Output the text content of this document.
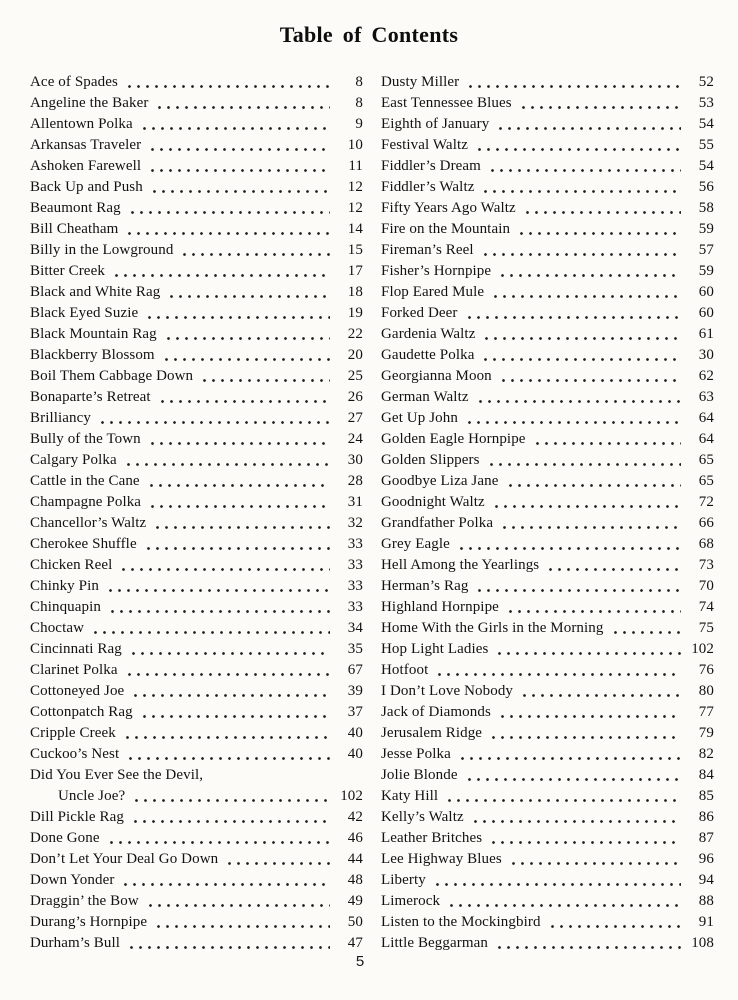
Table of Contents
Ace of Spades	8
Angeline the Baker	8
Allentown Polka	9
Arkansas Traveler	10
Ashoken Farewell	11
Back Up and Push	12
Beaumont Rag	12
Bill Cheatham	14
Billy in the Lowground	15
Bitter Creek	17
Black and White Rag	18
Black Eyed Suzie	19
Black Mountain Rag	22
Blackberry Blossom	20
Boil Them Cabbage Down	25
Bonaparte’s Retreat	26
Brilliancy	27
Bully of the Town	24
Calgary Polka	30
Cattle in the Cane	28
Champagne Polka	31
Chancellor’s Waltz	32
Cherokee Shuffle	33
Chicken Reel	33
Chinky Pin	33
Chinquapin	33
Choctaw	34
Cincinnati Rag	35
Clarinet Polka	67
Cottoneyed Joe	39
Cottonpatch Rag	37
Cripple Creek	40
Cuckoo’s Nest	40
Did You Ever See the Devil,
Uncle Joe?	102
Dill Pickle Rag	42
Done Gone	46
Don’t Let Your Deal Go Down	44
Down Yonder	48
Draggin’ the Bow	49
Durang’s Hornpipe	50
Durham’s Bull	47
Dusty Miller	52
East Tennessee Blues	53
Eighth of January	54
Festival Waltz	55
Fiddler’s Dream	54
Fiddler’s Waltz	56
Fifty Years Ago Waltz	58
Fire on the Mountain	59
Fireman’s Reel	57
Fisher’s Hornpipe	59
Flop Eared Mule	60
Forked Deer	60
Gardenia Waltz	61
Gaudette Polka	30
Georgianna Moon	62
German Waltz	63
Get Up John	64
Golden Eagle Hornpipe	64
Golden Slippers	65
Goodbye Liza Jane	65
Goodnight Waltz	72
Grandfather Polka	66
Grey Eagle	68
Hell Among the Yearlings	73
Herman’s Rag	70
Highland Hornpipe	74
Home With the Girls in the Morning	75
Hop Light Ladies	102
Hotfoot	76
I Don’t Love Nobody	80
Jack of Diamonds	77
Jerusalem Ridge	79
Jesse Polka	82
Jolie Blonde	84
Katy Hill	85
Kelly’s Waltz	86
Leather Britches	87
Lee Highway Blues	96
Liberty	94
Limerock	88
Listen to the Mockingbird	91
Little Beggarman	108
5
